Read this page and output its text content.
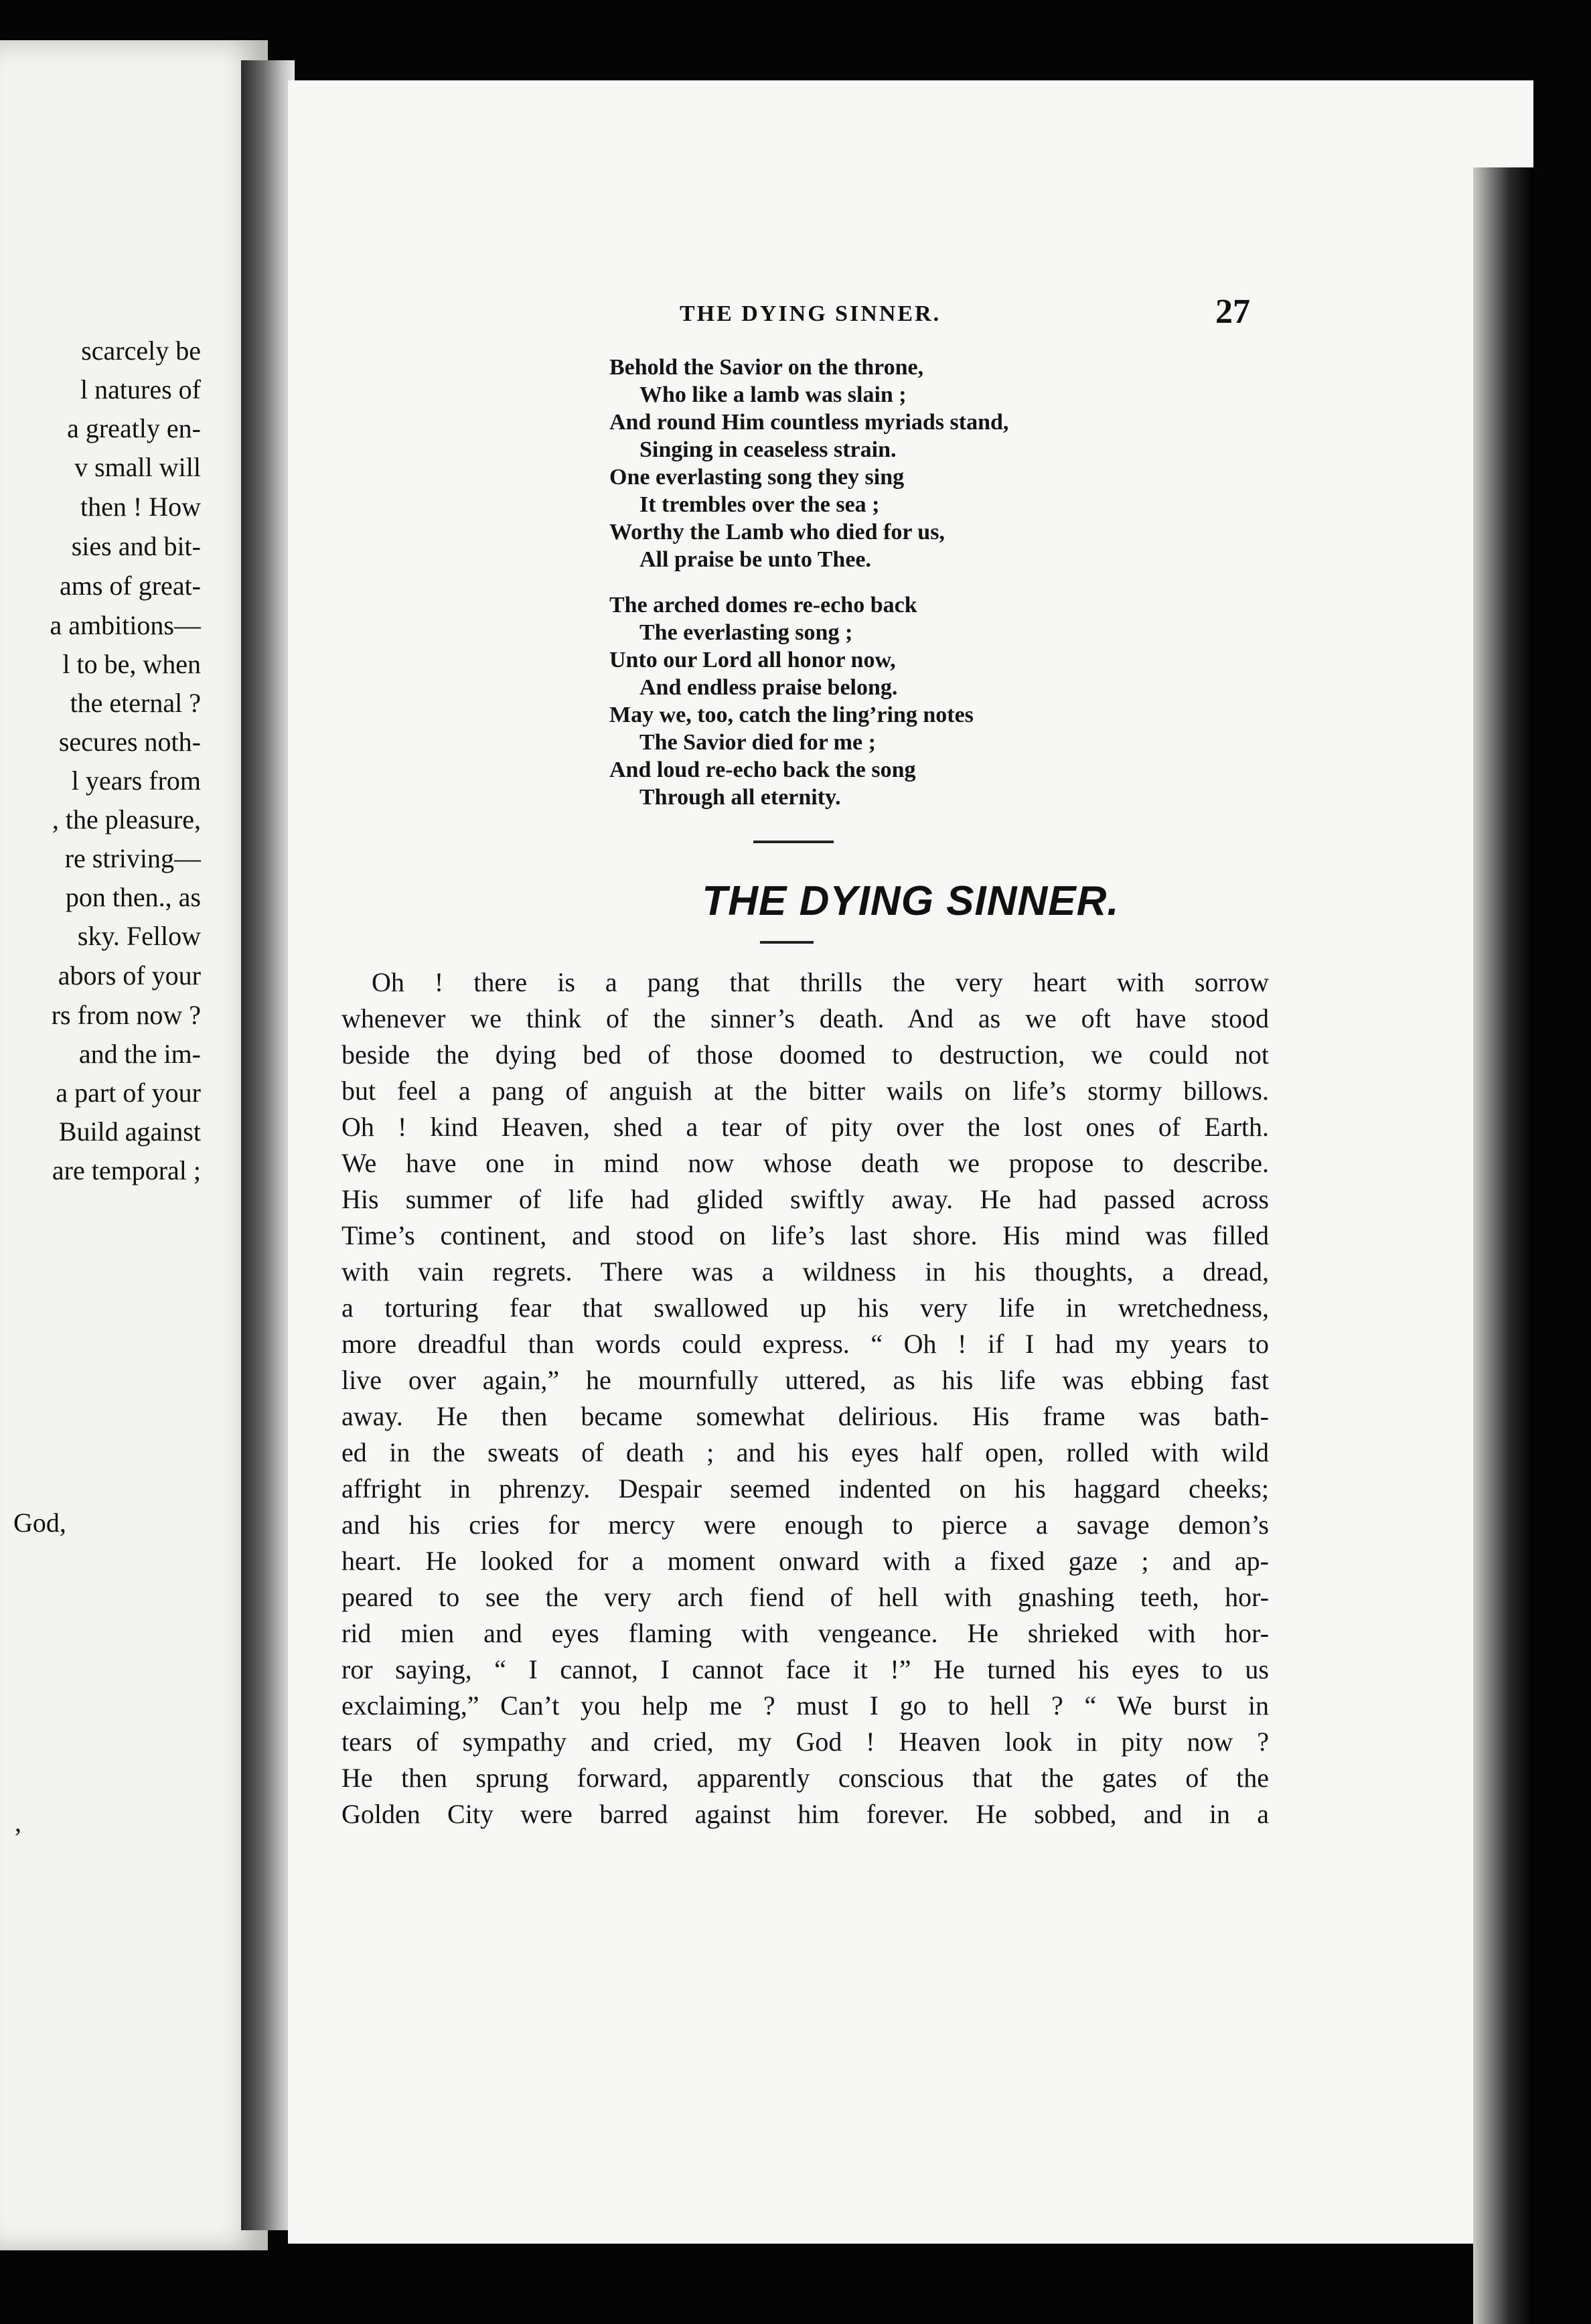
scarcely be
l natures of
a greatly en-
v small will
then ! How
sies and bit-
ams of great-
a ambitions—
l to be, when
the eternal ?
secures noth-
l years from
, the pleasure,
re striving—
pon then., as
sky. Fellow
abors of your
rs from now ?
and the im-
a part of your
Build against
are temporal ;
God,
’
THE DYING SINNER.	27
Behold the Savior on the throne,
Who like a lamb was slain ;
And round Him countless myriads stand,
Singing in ceaseless strain.
One everlasting song they sing
It trembles over the sea ;
Worthy the Lamb who died for us,
All praise be unto Thee.
The arched domes re-echo back
The everlasting song ;
Unto our Lord all honor now,
And endless praise belong.
May we, too, catch the ling’ring notes
The Savior died for me ;
And loud re-echo back the song
Through all eternity.
THE DYING SINNER.
Oh ! there is a pang that thrills the very heart with sorrow
whenever we think of the sinner’s death. And as we oft have stood
beside the dying bed of those doomed to destruction, we could not
but feel a pang of anguish at the bitter wails on life’s stormy billows.
Oh ! kind Heaven, shed a tear of pity over the lost ones of Earth.
We have one in mind now whose death we propose to describe.
His summer of life had glided swiftly away. He had passed across
Time’s continent, and stood on life’s last shore. His mind was filled
with vain regrets. There was a wildness in his thoughts, a dread,
a torturing fear that swallowed up his very life in wretchedness,
more dreadful than words could express. “ Oh ! if I had my years to
live over again,” he mournfully uttered, as his life was ebbing fast
away. He then became somewhat delirious. His frame was bath-
ed in the sweats of death ; and his eyes half open, rolled with wild
affright in phrenzy. Despair seemed indented on his haggard cheeks;
and his cries for mercy were enough to pierce a savage demon’s
heart. He looked for a moment onward with a fixed gaze ; and ap-
peared to see the very arch fiend of hell with gnashing teeth, hor-
rid mien and eyes flaming with vengeance. He shrieked with hor-
ror saying, “ I cannot, I cannot face it !” He turned his eyes to us
exclaiming,” Can’t you help me ? must I go to hell ? “ We burst in
tears of sympathy and cried, my God ! Heaven look in pity now ?
He then sprung forward, apparently conscious that the gates of the
Golden City were barred against him forever. He sobbed, and in a
